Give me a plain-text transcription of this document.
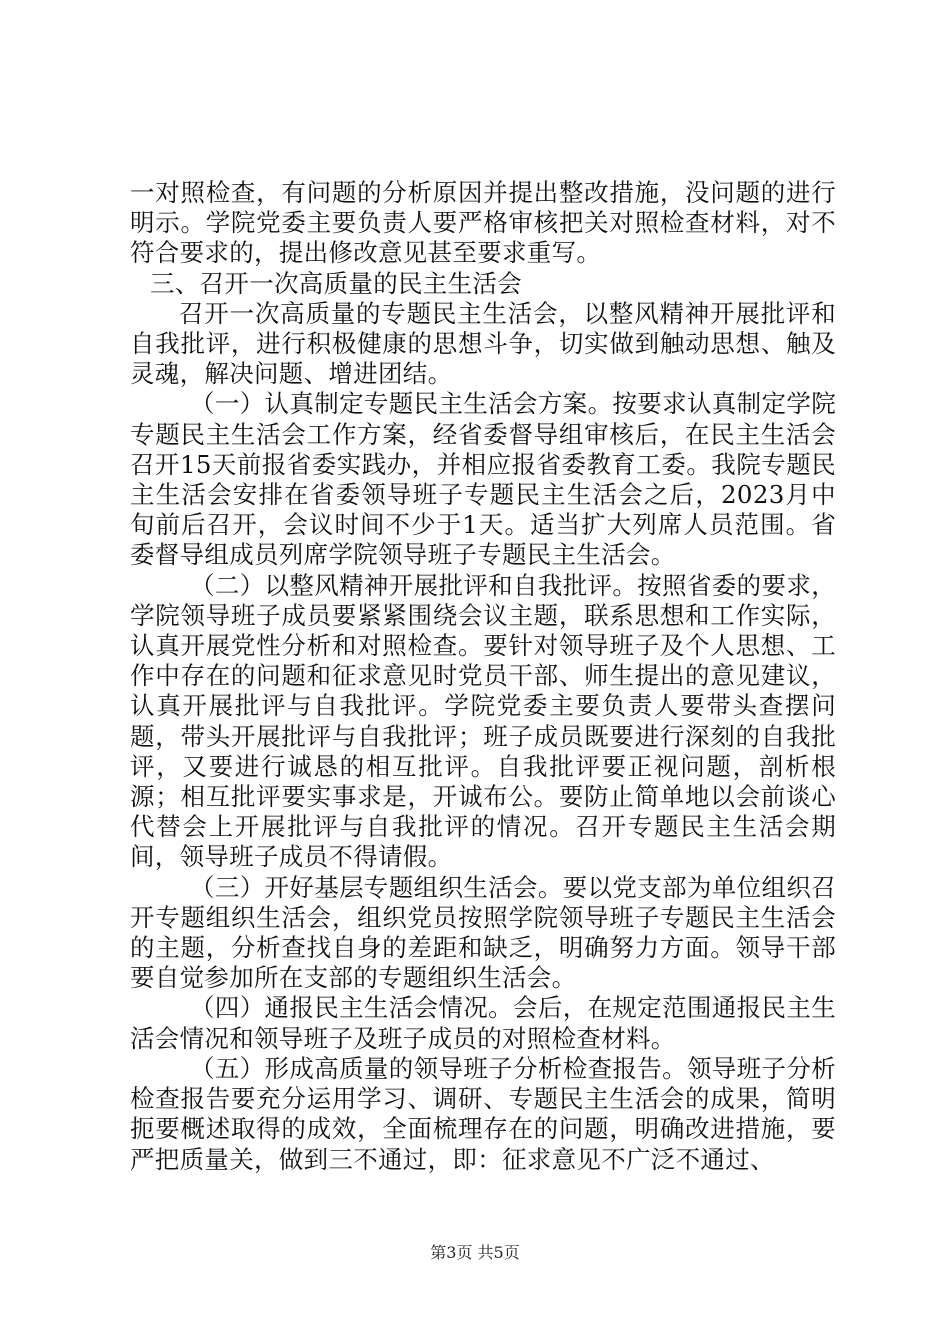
一对照检查，有问题的分析原因并提出整改措施，没问题的进行明示。学院党委主要负责人要严格审核把关对照检查材料，对不符合要求的，提出修改意见甚至要求重写。

三、召开一次高质量的民主生活会

召开一次高质量的专题民主生活会，以整风精神开展批评和自我批评，进行积极健康的思想斗争，切实做到触动思想、触及灵魂，解决问题、增进团结。

（一）认真制定专题民主生活会方案。按要求认真制定学院专题民主生活会工作方案，经省委督导组审核后，在民主生活会召开15天前报省委实践办，并相应报省委教育工委。我院专题民主生活会安排在省委领导班子专题民主生活会之后，2023月中旬前后召开，会议时间不少于1天。适当扩大列席人员范围。省委督导组成员列席学院领导班子专题民主生活会。

（二）以整风精神开展批评和自我批评。按照省委的要求，学院领导班子成员要紧紧围绕会议主题，联系思想和工作实际，认真开展党性分析和对照检查。要针对领导班子及个人思想、工作中存在的问题和征求意见时党员干部、师生提出的意见建议，认真开展批评与自我批评。学院党委主要负责人要带头查摆问题，带头开展批评与自我批评；班子成员既要进行深刻的自我批评，又要进行诚恳的相互批评。自我批评要正视问题，剖析根源；相互批评要实事求是，开诚布公。要防止简单地以会前谈心代替会上开展批评与自我批评的情况。召开专题民主生活会期间，领导班子成员不得请假。

（三）开好基层专题组织生活会。要以党支部为单位组织召开专题组织生活会，组织党员按照学院领导班子专题民主生活会的主题，分析查找自身的差距和缺乏，明确努力方面。领导干部要自觉参加所在支部的专题组织生活会。

（四）通报民主生活会情况。会后，在规定范围通报民主生活会情况和领导班子及班子成员的对照检查材料。

（五）形成高质量的领导班子分析检查报告。领导班子分析检查报告要充分运用学习、调研、专题民主生活会的成果，简明扼要概述取得的成效，全面梳理存在的问题，明确改进措施，要严把质量关，做到三不通过，即：征求意见不广泛不通过、

第3页 共5页
